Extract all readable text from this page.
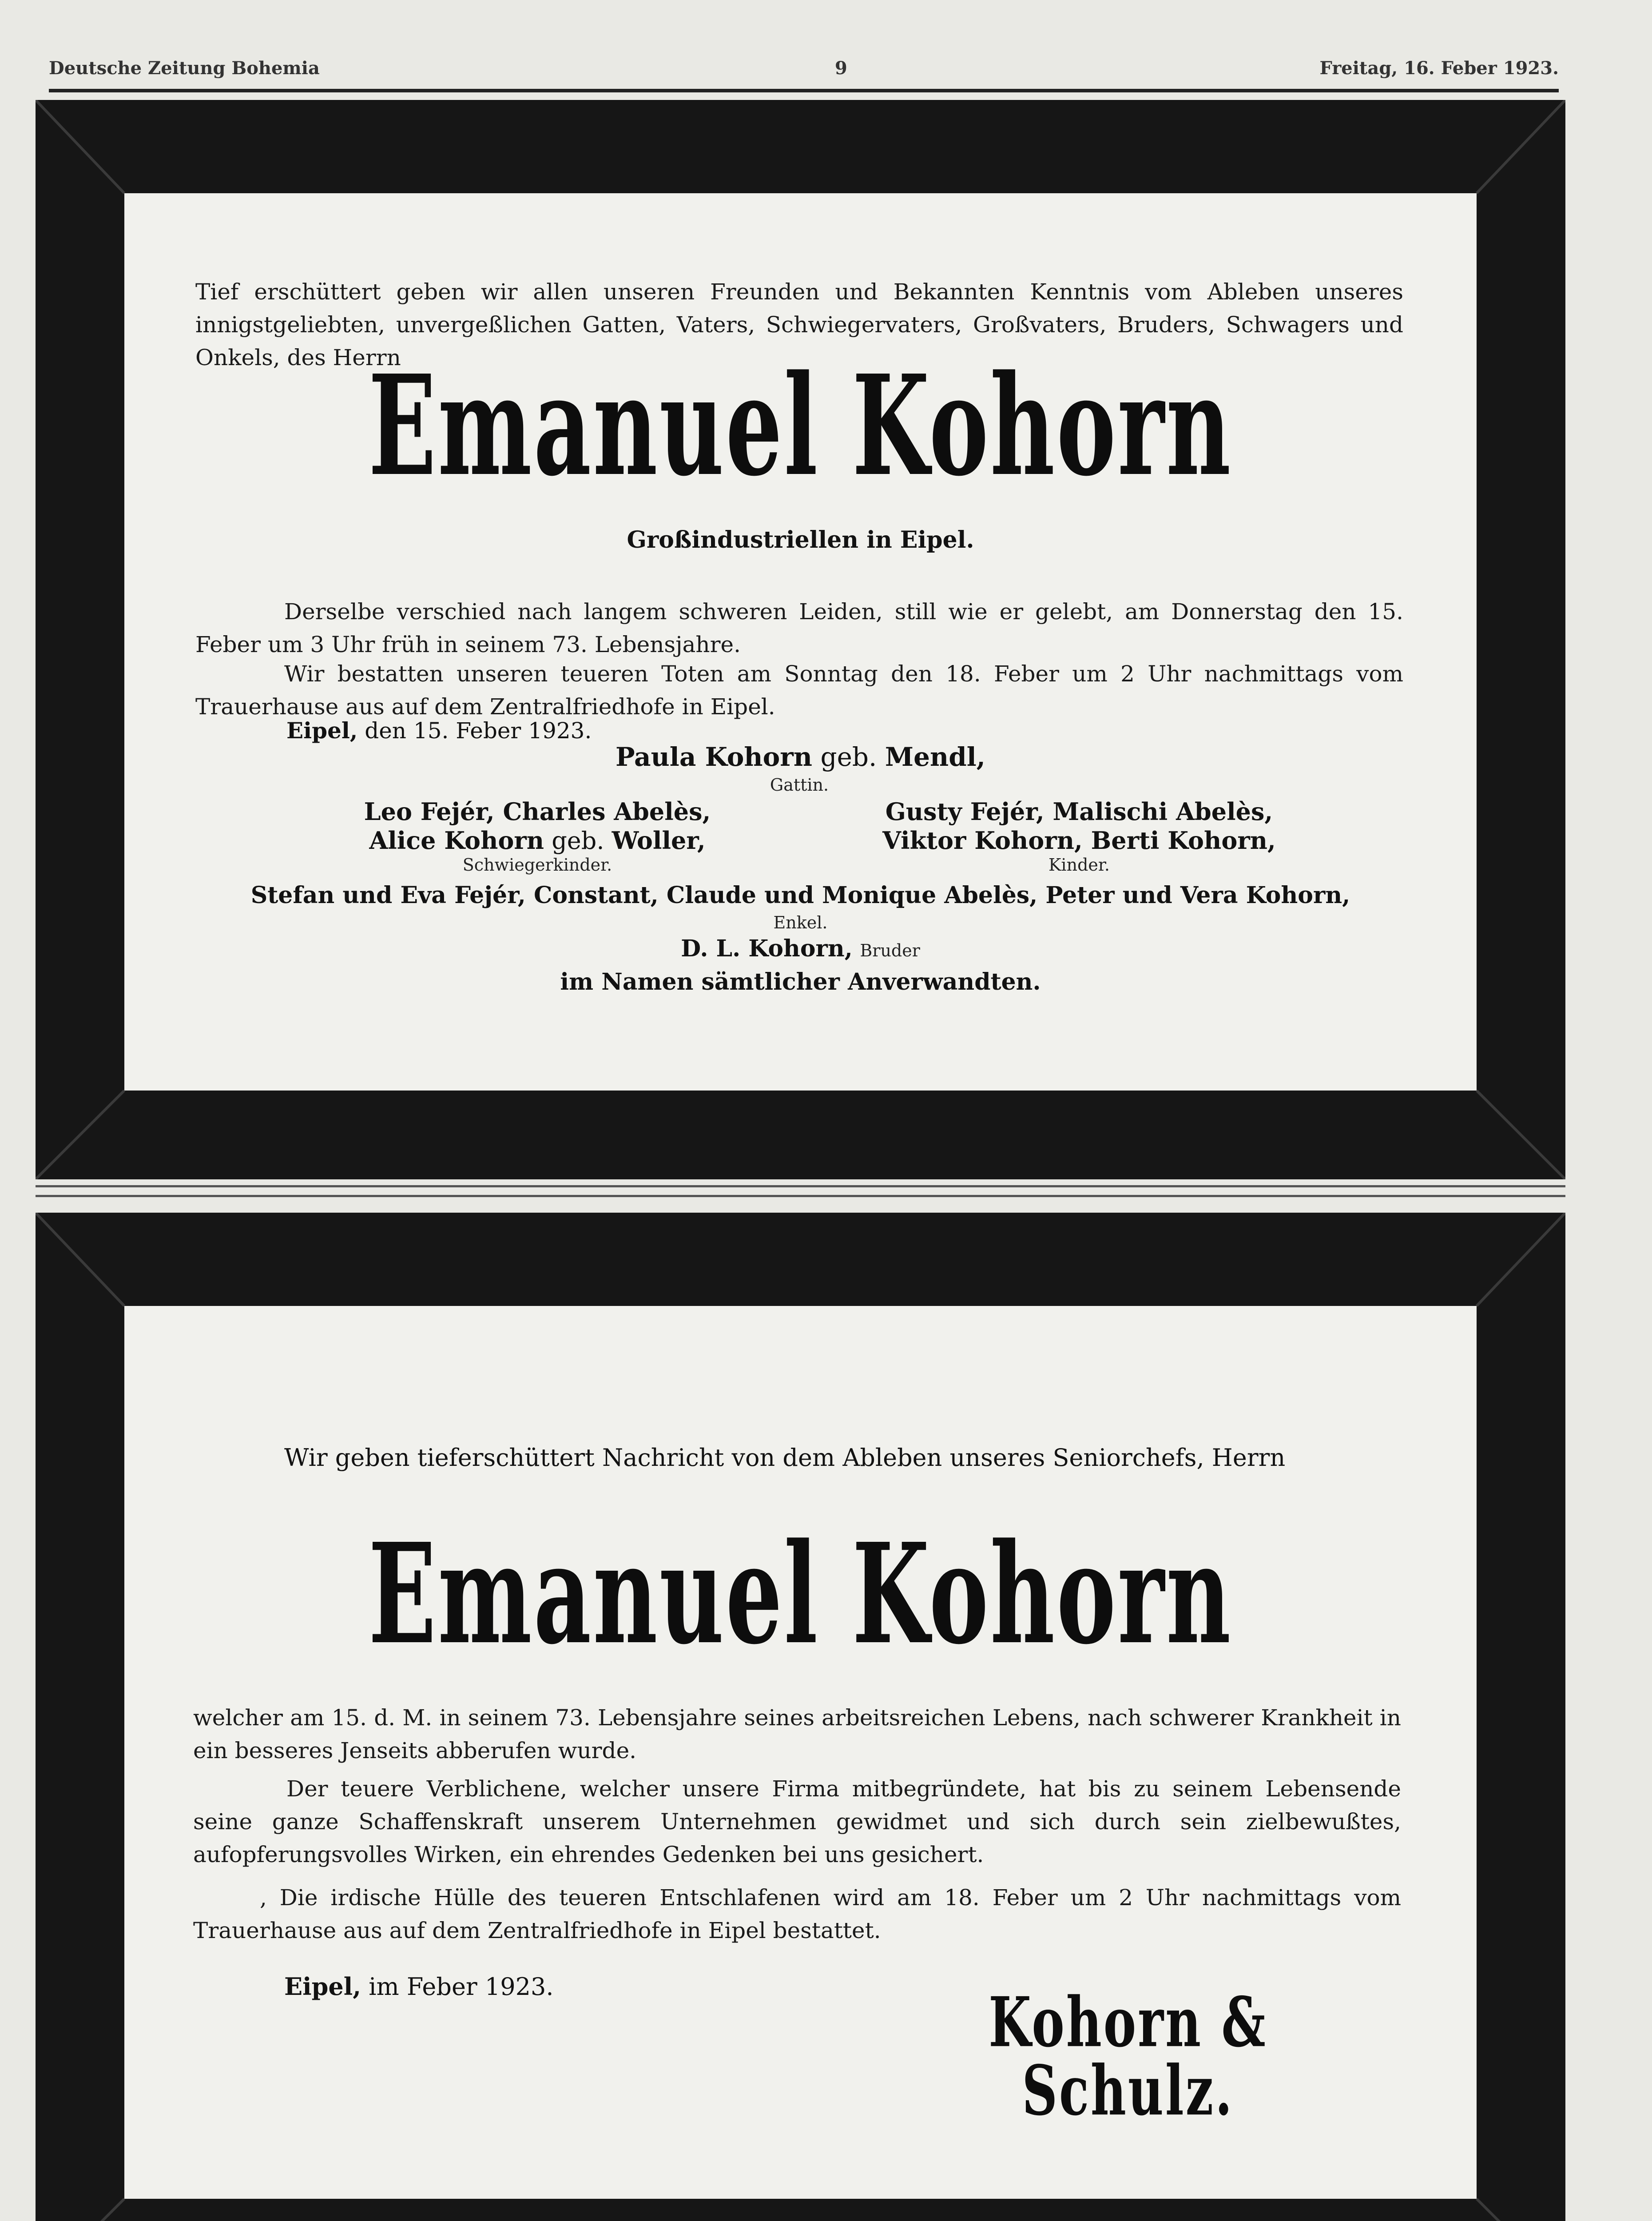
Deutsche Zeitung Bohemia	9	Freitag, 16. Feber 1923.
Tief erschüttert geben wir allen unseren Freunden und Bekannten Kenntnis vom Ableben unseres innigstgeliebten, unvergeßlichen Gatten, Vaters, Schwiegervaters, Großvaters, Bruders, Schwagers und Onkels, des Herrn
Emanuel Kohorn
Großindustriellen in Eipel.
Derselbe verschied nach langem schweren Leiden, still wie er gelebt, am Donnerstag den 15. Feber um 3 Uhr früh in seinem 73. Lebensjahre.
Wir bestatten unseren teueren Toten am Sonntag den 18. Feber um 2 Uhr nachmittags vom Trauerhause aus auf dem Zentralfriedhofe in Eipel.
Eipel, den 15. Feber 1923.
Paula Kohorn geb. Mendl,
Gattin.
Leo Fejér, Charles Abelès,
Alice Kohorn geb. Woller,
Schwiegerkinder.
Gusty Fejér, Malischi Abelès,
Viktor Kohorn, Berti Kohorn,
Kinder.
Stefan und Eva Fejér, Constant, Claude und Monique Abelès, Peter und Vera Kohorn,
Enkel.
D. L. Kohorn, Bruder
im Namen sämtlicher Anverwandten.
Wir geben tieferschüttert Nachricht von dem Ableben unseres Seniorchefs, Herrn
Emanuel Kohorn
welcher am 15. d. M. in seinem 73. Lebensjahre seines arbeitsreichen Lebens, nach schwerer Krankheit in ein besseres Jenseits abberufen wurde.
Der teuere Verblichene, welcher unsere Firma mitbegründete, hat bis zu seinem Lebensende seine ganze Schaffenskraft unserem Unternehmen gewidmet und sich durch sein zielbewußtes, aufopferungsvolles Wirken, ein ehrendes Gedenken bei uns gesichert.
, Die irdische Hülle des teueren Entschlafenen wird am 18. Feber um 2 Uhr nachmittags vom Trauerhause aus auf dem Zentralfriedhofe in Eipel bestattet.
Eipel, im Feber 1923.	Kohorn & Schulz.
